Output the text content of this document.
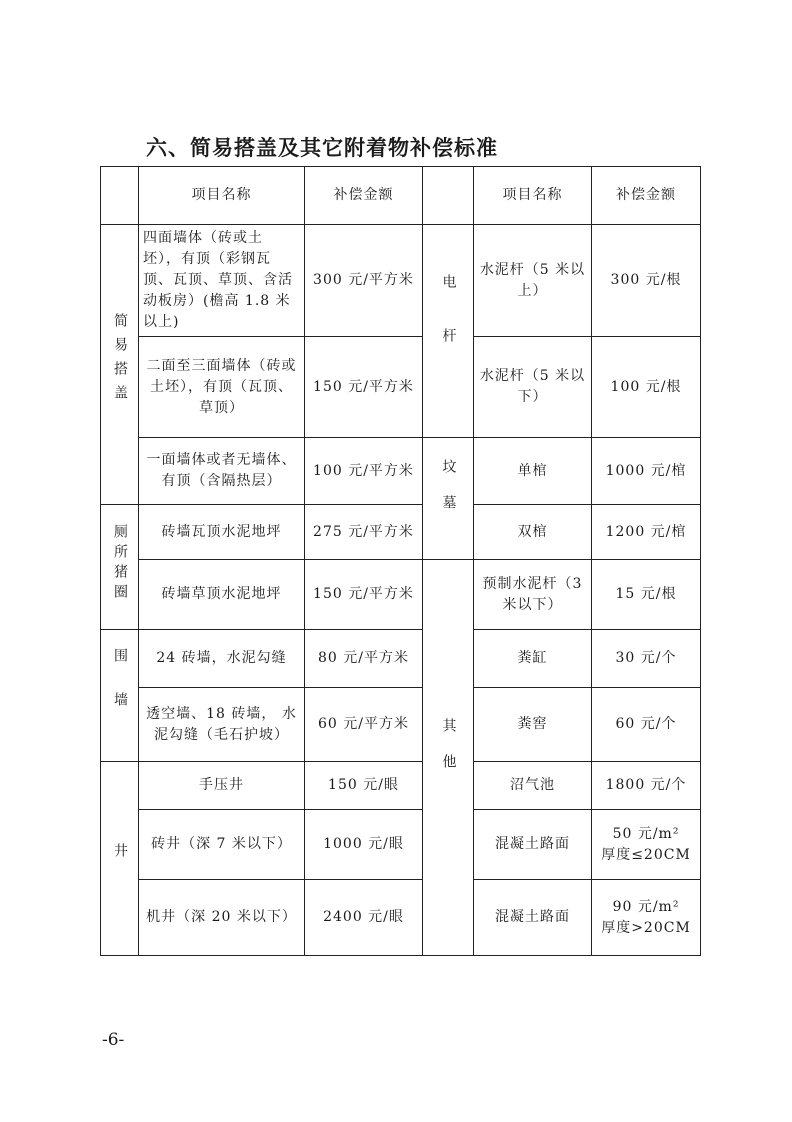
六、简易搭盖及其它附着物补偿标准
	项目名称	补偿金额		项目名称	补偿金额
简易搭盖	四面墙体（砖或土坯），有顶（彩钢瓦顶、瓦顶、草顶、含活动板房）(檐高 1.8 米以上)	300 元/平方米	电杆	水泥杆（5 米以上）	300 元/根
	二面至三面墙体（砖或土坯），有顶（瓦顶、草顶）	150 元/平方米		水泥杆（5 米以下）	100 元/根
	一面墙体或者无墙体、有顶（含隔热层）	100 元/平方米	坟墓	单棺	1000 元/棺
厕所猪圈	砖墙瓦顶水泥地坪	275 元/平方米		双棺	1200 元/棺
	砖墙草顶水泥地坪	150 元/平方米	其他	预制水泥杆（3 米以下）	15 元/根
围墙	24 砖墙，水泥勾缝	80 元/平方米		粪缸	30 元/个
	透空墙、18 砖墙， 水泥勾缝（毛石护坡）	60 元/平方米		粪窖	60 元/个
井	手压井	150 元/眼		沼气池	1800 元/个
	砖井（深 7 米以下）	1000 元/眼		混凝土路面	50 元/m²
厚度≤20CM

	机井（深 20 米以下）	2400 元/眼		混凝土路面	90 元/m²
厚度>20CM
-6-
